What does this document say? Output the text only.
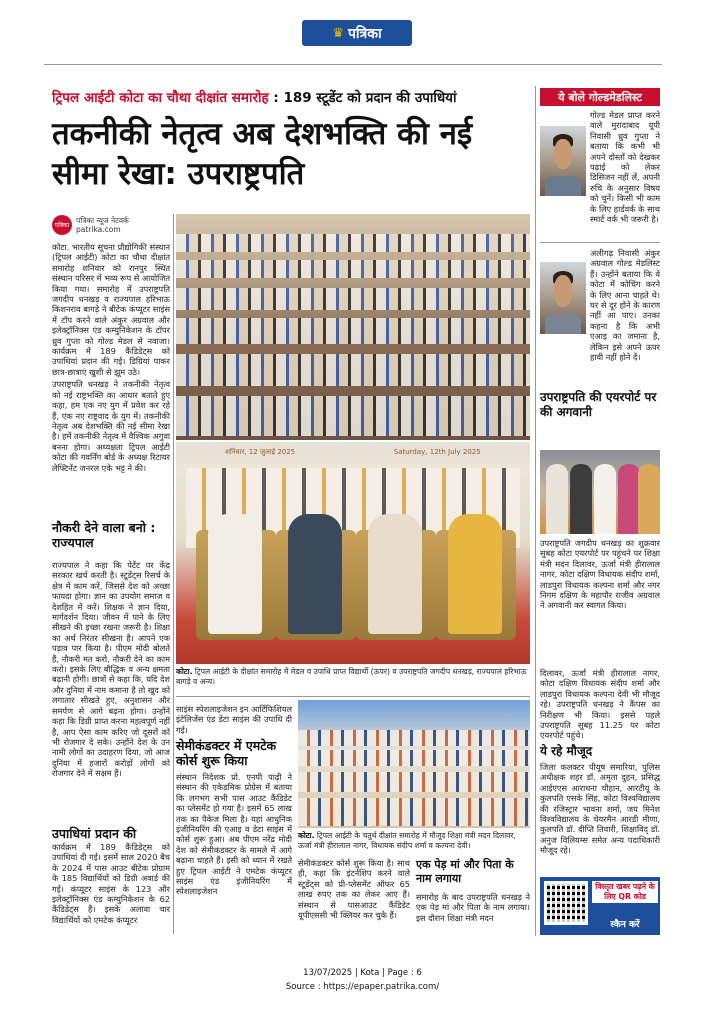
♛ पत्रिका
ट्रिपल आईटी कोटा का चौथा दीक्षांत समारोह : 189 स्टूडेंट को प्रदान की उपाधियां
तकनीकी नेतृत्व अब देशभक्ति की नई सीमा रेखा: उपराष्ट्रपति
पत्रिका
पत्रिका न्यूज नेटवर्क
patrika.com

कोटा. भारतीय सूचना प्रौद्योगिकी संस्थान (ट्रिपल आईटी) कोटा का चौथा दीक्षांत समारोह शनिवार को रानपुर स्थित संस्थान परिसर में भव्य रूप से आयोजित किया गया। समारोह में उपराष्ट्रपति जगदीप धनखड़ व राज्यपाल हरिभाऊ किशनराव बागड़े ने बीटेक कंप्यूटर साइंस में टॉप करने वाले अंकुर अग्रवाल और इलेक्ट्रॉनिक्स एंड कम्युनिकेशन के टॉपर ध्रुव गुप्ता को गोल्ड मेडल से नवाजा। कार्यक्रम में 189 कैंडिडेट्स को उपाधियां प्रदान की गई। डिग्रियां पाकर छात्र-छात्राएं खुशी से झूम उठे।

उपराष्ट्रपति धनखड़ ने तकनीकी नेतृत्व को नई राष्ट्रभक्ति का आधार बताते हुए कहा, हम एक नए युग में प्रवेश कर रहे हैं, एक नए राष्ट्रवाद के युग में। तकनीकी नेतृत्व अब देशभक्ति की नई सीमा रेखा है। हमें तकनीकी नेतृत्व में वैश्विक अगुवा बनना होगा। अध्यक्षता ट्रिपल आईटी कोटा की गवर्निंग बोर्ड के अध्यक्ष रिटायर लेफ्टिनेंट जनरल एके भट्ट ने की।

नौकरी देने वाला बनो : राज्यपाल

राज्यपाल ने कहा कि पेटेंट पर केंद्र सरकार खर्च करती है। स्टूडेंट्स रिसर्च के क्षेत्र में काम करें, जिससे देश को अच्छा फायदा होगा। ज्ञान का उपयोग समाज व देशहित में करें। शिक्षक ने ज्ञान दिया, मार्गदर्शन दिया। जीवन में पाने के लिए सीखने की इच्छा रखना जरूरी है। शिक्षा का अर्थ निरंतर सीखना है। आपने एक पड़ाव पार किया है। पीएम मोदी बोलते हैं, नौकरी मत करो, नौकरी देने का काम करो। इसके लिए बौद्धिक व अन्य क्षमता बढ़ानी होगी। छात्रों से कहा कि, यदि देश और दुनिया में नाम कमाना है तो खुद को लगातार सीखते हुए, अनुशासन और समर्पण से आगे बढ़ना होगा। उन्होंने कहा कि डिग्री प्राप्त करना महत्वपूर्ण नहीं है, आप ऐसा काम करिए जो दूसरों को भी रोजगार दे सके। उन्होंने देश के उन नामी लोगों का उदाहरण दिया, जो आज दुनिया में हजारों करोड़ों लोगों को रोजगार देने में सक्षम हैं।

उपाधियां प्रदान की

कार्यक्रम में 189 कैंडिडेट्स को उपाधियां दी गई। इसमें साल 2020 बैच के 2024 में पास आउट बीटेक प्रोग्राम के 185 विद्यार्थियों को डिग्री अवार्ड की गई। कंप्यूटर साइंस के 123 और इलेक्ट्रॉनिक्स एंड कम्युनिकेशन के 62 कैंडिडेट्स हैं। इसके अलावा चार विद्यार्थियों को एमटेक कंप्यूटर

शनिवार, 12 जुलाई 2025	Saturday, 12th July 2025
कोटा. ट्रिपल आईटी के दीक्षांत समारोह में मेडल व उपाधि प्राप्त विद्यार्थी (ऊपर) व उपराष्ट्रपति जगदीप धनखड़, राज्यपाल हरिभाऊ बागड़े व अन्य।

साइंस स्पेशलाइजेशन इन आर्टिफिशियल इंटेलिजेंस एंड डेटा साइंस की उपाधि दी गई।

सेमीकंडक्टर में एमटेक कोर्स शुरू किया

संस्थान निदेशक प्रो. एनपी पाढ़ी ने संस्थान की एकेडमिक प्रोग्रेस में बताया कि लगभग सभी पास आउट कैंडिडेट का प्लेसमेंट हो गया है। इसमें 65 लाख तक का पैकेज मिला है। यहां आधुनिक इंजीनियरिंग की एआइ व डेटा साइंस में कोर्स शुरू हुआ। अब पीएम नरेंद्र मोदी देश को सेमीकंडक्टर के मामले में आगे बढ़ाना चाहते हैं। इसी को ध्यान में रखते हुए ट्रिपल आईटी ने एमटेक कंप्यूटर साइंस एंड इंजीनियरिंग में स्पेशलाइजेशन

कोटा. ट्रिपल आईटी के चतुर्थ दीक्षांत समारोह में मौजूद शिक्षा मंत्री मदन दिलावर, ऊर्जा मंत्री हीरालाल नागर, विधायक संदीप शर्मा व कल्पना देवी।

सेमीकंडक्टर कोर्स शुरू किया है। साथ ही, कहा कि इंटर्नशिप करने वाले स्टूडेंट्स को प्री-प्लेसमेंट ऑफर 65 लाख रुपए तक का लेकर आए हैं। संस्थान से पासआउट कैंडिडेट यूपीएससी भी क्लियर कर चुके हैं।

एक पेड़ मां और पिता के नाम लगाया

समारोह के बाद उपराष्ट्रपति धनखड़ ने एक पेड़ मां और पिता के नाम लगाया। इस दौरान शिक्षा मंत्री मदन

ये बोले गोल्डमेडलिस्ट

गोल्ड मेडल प्राप्त करने वाले मुरादाबाद यूपी निवासी ध्रुव गुप्ता ने बताया कि कभी भी अपने दोस्तों को देखकर पढ़ाई को लेकर डिसिजन नहीं लें, अपनी रुचि के अनुसार विषय को चुनें। किसी भी काम के लिए हार्डवर्क के साथ स्मार्ट वर्क भी जरूरी है।

अलीगढ़ निवासी अंकुर अग्रवाल गोल्ड मेडलिस्ट हैं। उन्होंने बताया कि वे कोटा में कोचिंग करने के लिए आना चाहते थे। घर से दूर होने के कारण नहीं आ पाए। उनका कहना है कि अभी एआइ का जमाना है, लेकिन इसे अपने ऊपर हावी नहीं होने दें।

उपराष्ट्रपति की एयरपोर्ट पर की अगवानी

उपराष्ट्रपति जगदीप धनखड़ का शुक्रवार सुबह कोटा एयरपोर्ट पर पहुंचने पर शिक्षा मंत्री मदन दिलावर, ऊर्जा मंत्री हीरालाल नागर, कोटा दक्षिण विधायक संदीप शर्मा, लाडपुरा विधायक कल्पना शर्मा और नगर निगम दक्षिण के महापौर राजीव अग्रवाल ने अगवानी कर स्वागत किया।

दिलावर, ऊर्जा मंत्री हीरालाल नागर, कोटा दक्षिण विधायक संदीप शर्मा और लाडपुरा विधायक कल्पना देवी भी मौजूद रहे। उपराष्ट्रपति धनखड़ ने कैंपस का निरीक्षण भी किया। इससे पहले उपराष्ट्रपति सुबह 11.25 पर कोटा एयरपोर्ट पहुंचे।

ये रहे मौजूद

जिला कलक्टर पीयूष समारिया, पुलिस अधीक्षक शहर डॉ. अमृता दुहन, प्रसिद्ध आईएएस आराधना चौहान, आरटीयू के कुलपति एसके सिंह, कोटा विश्वविद्यालय की रजिस्ट्रार भावना शर्मा, जय मिनेश विश्वविद्यालय के चेयरमैन आरडी मीणा, कुलपति डॉ. दीप्ति तिवारी, शिक्षाविद् डॉ. अनुज विलियम्स समेत अन्य पदाधिकारी मौजूद रहे।

विस्तृत खबर पढ़ने के लिए QR कोड
स्कैन करें
13/07/2025 | Kota | Page : 6
Source : https://epaper.patrika.com/
